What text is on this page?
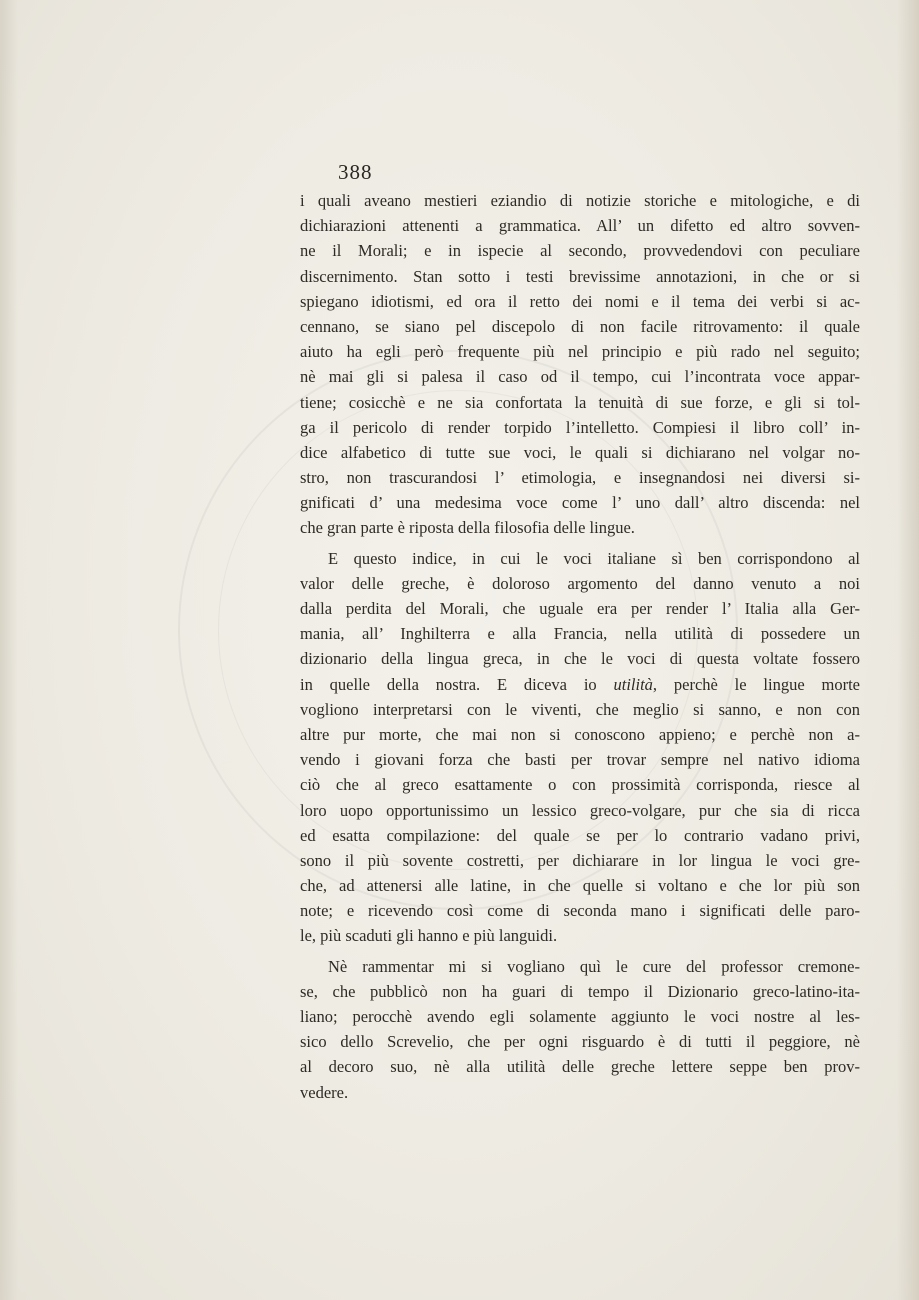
388
i quali aveano mestieri eziandio di notizie storiche e mitologiche, e di
dichiarazioni attenenti a grammatica. All’ un difetto ed altro sovven-
ne il Morali; e in ispecie al secondo, provvedendovi con peculiare
discernimento. Stan sotto i testi brevissime annotazioni, in che or si
spiegano idiotismi, ed ora il retto dei nomi e il tema dei verbi si ac-
cennano, se siano pel discepolo di non facile ritrovamento: il quale
aiuto ha egli però frequente più nel principio e più rado nel seguito;
nè mai gli si palesa il caso od il tempo, cui l’incontrata voce appar-
tiene; cosicchè e ne sia confortata la tenuità di sue forze, e gli si tol-
ga il pericolo di render torpido l’intelletto. Compiesi il libro coll’ in-
dice alfabetico di tutte sue voci, le quali si dichiarano nel volgar no-
stro, non trascurandosi l’ etimologia, e insegnandosi nei diversi si-
gnificati d’ una medesima voce come l’ uno dall’ altro discenda: nel
che gran parte è riposta della filosofia delle lingue.
E questo indice, in cui le voci italiane sì ben corrispondono al
valor delle greche, è doloroso argomento del danno venuto a noi
dalla perdita del Morali, che uguale era per render l’ Italia alla Ger-
mania, all’ Inghilterra e alla Francia, nella utilità di possedere un
dizionario della lingua greca, in che le voci di questa voltate fossero
in quelle della nostra. E diceva io utilità, perchè le lingue morte
vogliono interpretarsi con le viventi, che meglio si sanno, e non con
altre pur morte, che mai non si conoscono appieno; e perchè non a-
vendo i giovani forza che basti per trovar sempre nel nativo idioma
ciò che al greco esattamente o con prossimità corrisponda, riesce al
loro uopo opportunissimo un lessico greco-volgare, pur che sia di ricca
ed esatta compilazione: del quale se per lo contrario vadano privi,
sono il più sovente costretti, per dichiarare in lor lingua le voci gre-
che, ad attenersi alle latine, in che quelle si voltano e che lor più son
note; e ricevendo così come di seconda mano i significati delle paro-
le, più scaduti gli hanno e più languidi.
Nè rammentar mi si vogliano quì le cure del professor cremone-
se, che pubblicò non ha guari di tempo il Dizionario greco-latino-ita-
liano; perocchè avendo egli solamente aggiunto le voci nostre al les-
sico dello Screvelio, che per ogni risguardo è di tutti il peggiore, nè
al decoro suo, nè alla utilità delle greche lettere seppe ben prov-
vedere.
